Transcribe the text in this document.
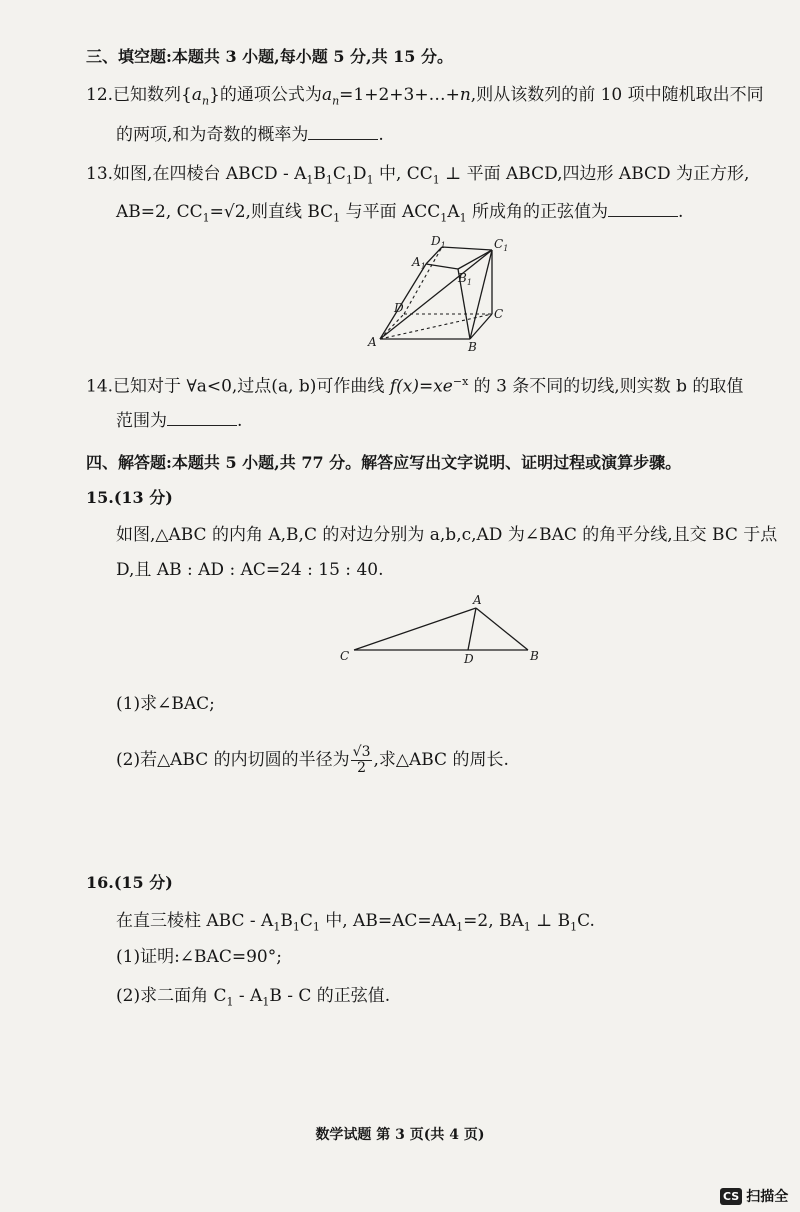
三、填空题:本题共 3 小题,每小题 5 分,共 15 分。
12.已知数列$\{a_n\}$的通项公式为$a_n=1+2+3+\dots+n$,则从该数列的前 10 项中随机取出不同
的两项,和为奇数的概率为	.
13.如图,在四棱台 ABCD - $A_1B_1C_1D_1$ 中, $CC_1$ ⊥ 平面 ABCD,四边形 ABCD 为正方形,
AB=2, $CC_1=√2$,则直线 $BC_1$ 与平面 $ACC_1A_1$ 所成角的正弦值为	.
$D_1$	$C_1$
$A_1$
$B_1$
D	C
A	B
14.已知对于 ∀a<0,过点(a, b)可作曲线 $f(x)=xe^{-x}$ 的 3 条不同的切线,则实数 b 的取值
范围为	.
四、解答题:本题共 5 小题,共 77 分。解答应写出文字说明、证明过程或演算步骤。
15.(13 分)
如图,△ABC 的内角 A,B,C 的对边分别为 a,b,c,AD 为∠BAC 的角平分线,且交 BC 于点
D,且 AB : AD : AC=24 : 15 : 40.
A
B
C	D
(1)求∠BAC;
(2)若△ABC 的内切圆的半径为 $\frac{√3}{2}$ ,求△ABC 的周长.
16.(15 分)
在直三棱柱 ABC - $A_1B_1C_1$ 中, $AB=AC=AA_1=2$, $BA_1$ ⊥ $B_1C$.
(1)证明:∠BAC=90°;
(2)求二面角 $C_1 - A_1B$ - C 的正弦值.
数学试题 第 3 页(共 4 页)
CS 扫描全
